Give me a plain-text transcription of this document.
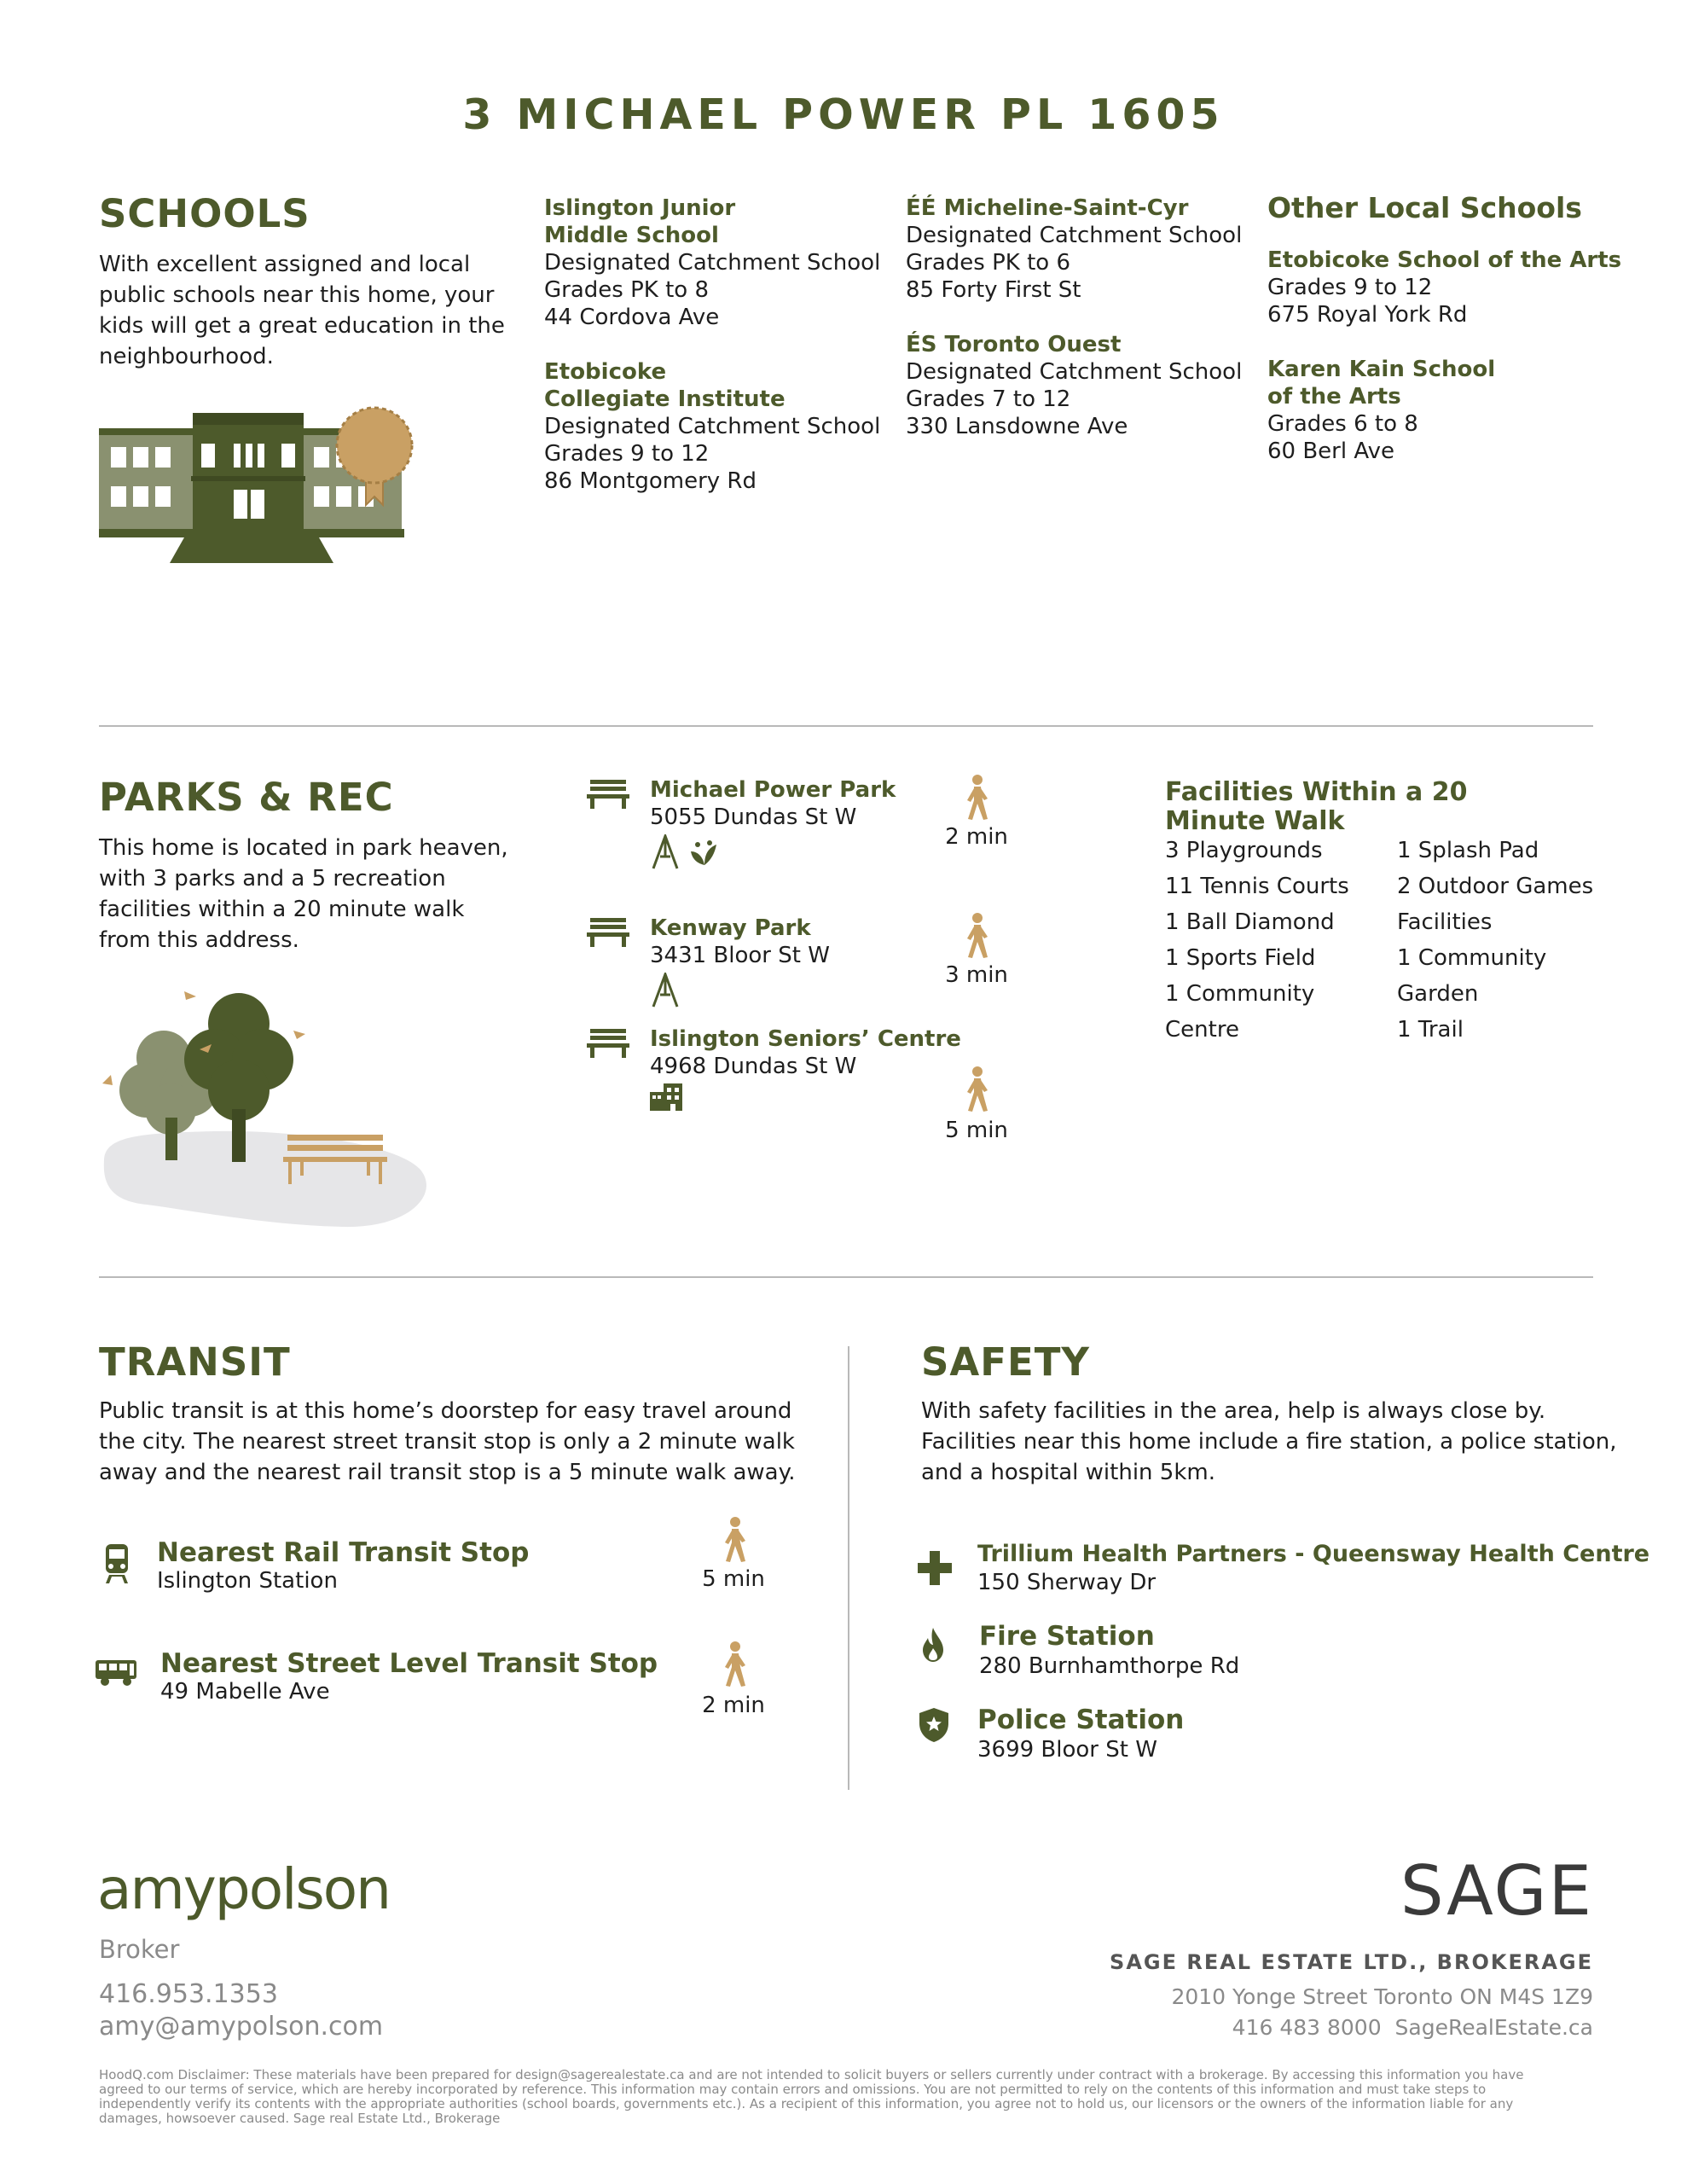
3 MICHAEL POWER PL 1605
SCHOOLS
With excellent assigned and local
public schools near this home, your
kids will get a great education in the
neighbourhood.
Islington Junior
Middle School
Designated Catchment School
Grades PK to 8
44 Cordova Ave
Etobicoke
Collegiate Institute
Designated Catchment School
Grades 9 to 12
86 Montgomery Rd
ÉÉ Micheline-Saint-Cyr
Designated Catchment School
Grades PK to 6
85 Forty First St
ÉS Toronto Ouest
Designated Catchment School
Grades 7 to 12
330 Lansdowne Ave
Other Local Schools
Etobicoke School of the Arts
Grades 9 to 12
675 Royal York Rd
Karen Kain School
of the Arts
Grades 6 to 8
60 Berl Ave
PARKS & REC
This home is located in park heaven,
with 3 parks and a 5 recreation
facilities within a 20 minute walk
from this address.
Michael Power Park
5055 Dundas St W
2 min
Kenway Park
3431 Bloor St W
3 min
Islington Seniors’ Centre
4968 Dundas St W
5 min
Facilities Within a 20
Minute Walk
3 Playgrounds
11 Tennis Courts
1 Ball Diamond
1 Sports Field
1 Community
Centre
1 Splash Pad
2 Outdoor Games
Facilities
1 Community
Garden
1 Trail
TRANSIT
Public transit is at this home’s doorstep for easy travel around
the city. The nearest street transit stop is only a 2 minute walk
away and the nearest rail transit stop is a 5 minute walk away.
Nearest Rail Transit Stop
Islington Station	5 min
Nearest Street Level Transit Stop
49 Mabelle Ave
2 min
SAFETY
With safety facilities in the area, help is always close by.
Facilities near this home include a fire station, a police station,
and a hospital within 5km.
Trillium Health Partners - Queensway Health Centre
150 Sherway Dr
Fire Station
280 Burnhamthorpe Rd
Police Station
3699 Bloor St W
amypolson
Broker
416.953.1353
amy@amypolson.com
SAGE
SAGE REAL ESTATE LTD., BROKERAGE
2010 Yonge Street Toronto ON M4S 1Z9
416 483 8000  SageRealEstate.ca
HoodQ.com Disclaimer: These materials have been prepared for design@sagerealestate.ca and are not intended to solicit buyers or sellers currently under contract with a brokerage. By accessing this information you have
agreed to our terms of service, which are hereby incorporated by reference. This information may contain errors and omissions. You are not permitted to rely on the contents of this information and must take steps to
independently verify its contents with the appropriate authorities (school boards, governments etc.). As a recipient of this information, you agree not to hold us, our licensors or the owners of the information liable for any
damages, howsoever caused. Sage real Estate Ltd., Brokerage
